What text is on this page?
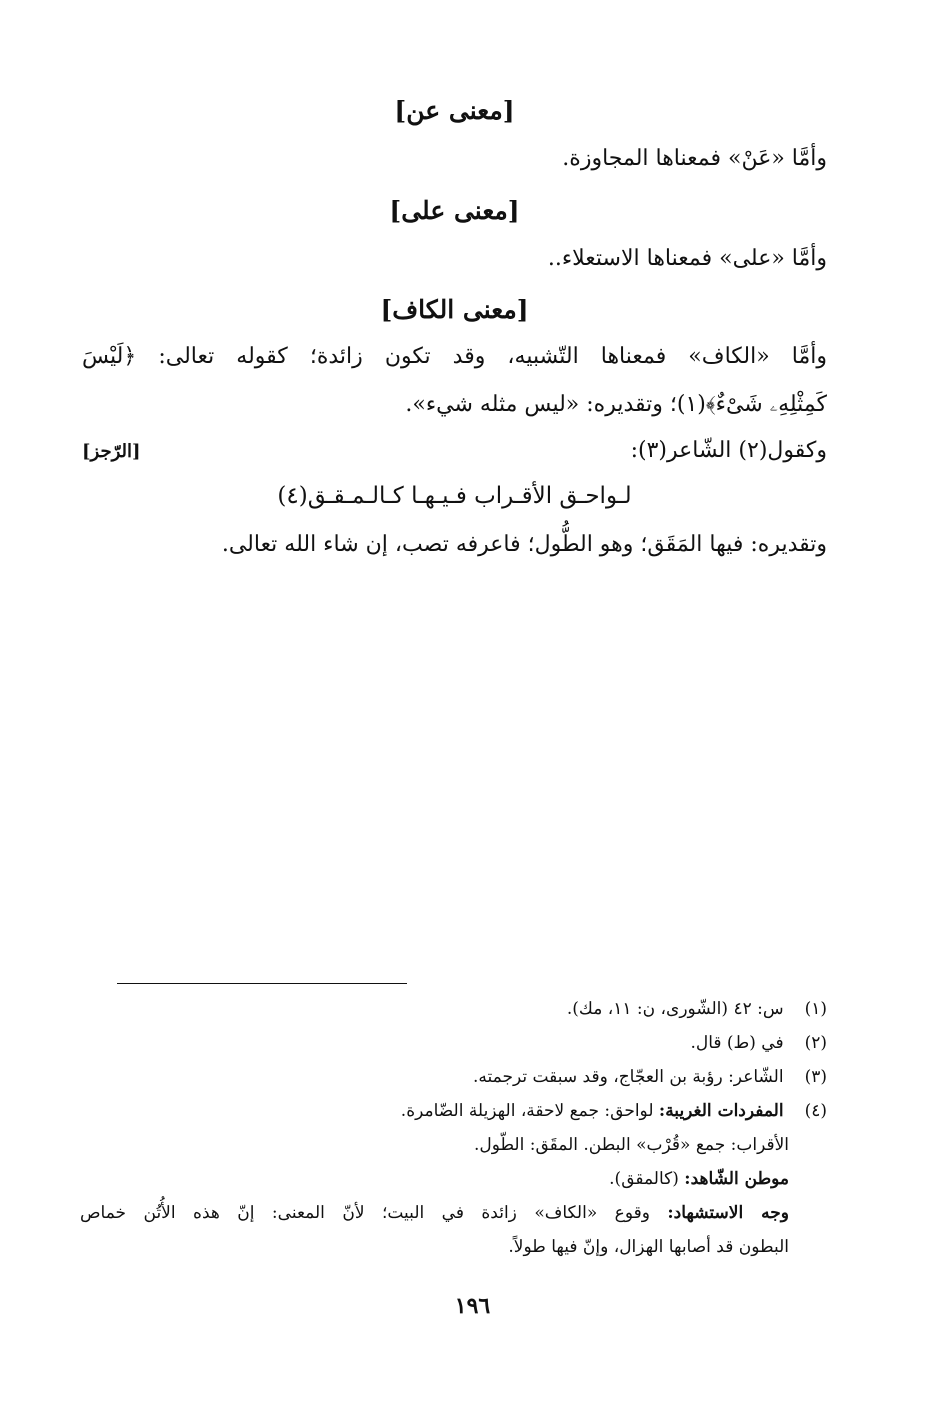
[معنى عن]
وأمَّا «عَنْ» فمعناها المجاوزة.
[معنى على]
وأمَّا «على» فمعناها الاستعلاء..
[معنى الكاف]
وأمَّا «الكاف» فمعناها التّشبيه، وقد تكون زائدة؛ كقوله تعالى: ﴿لَيْسَ
كَمِثْلِهِۦ شَىْءٌ﴾(١)؛ وتقديره: «ليس مثله شيء».
وكقول(٢) الشّاعر(٣):
[الرّجز]
لـواحـق الأقـراب فـيـهـا كـالـمـقـق(٤)
وتقديره: فيها المَقَق؛ وهو الطُّول؛ فاعرفه تصب، إن شاء الله تعالى.
(١) س: ٤٢ (الشّورى، ن: ١١، مك).
(٢) في (ط) قال.
(٣) الشّاعر: رؤبة بن العجّاج، وقد سبقت ترجمته.
(٤) المفردات الغريبة: لواحق: جمع لاحقة، الهزيلة الضّامرة.
الأقراب: جمع «قُرْب» البطن. المقَق: الطّول.
موطن الشّاهد: (كالمقق).
وجه الاستشهاد: وقوع «الكاف» زائدة في البيت؛ لأنّ المعنى: إنّ هذه الأُتُن خماص
البطون قد أصابها الهزال، وإنّ فيها طولاً.
١٩٦
